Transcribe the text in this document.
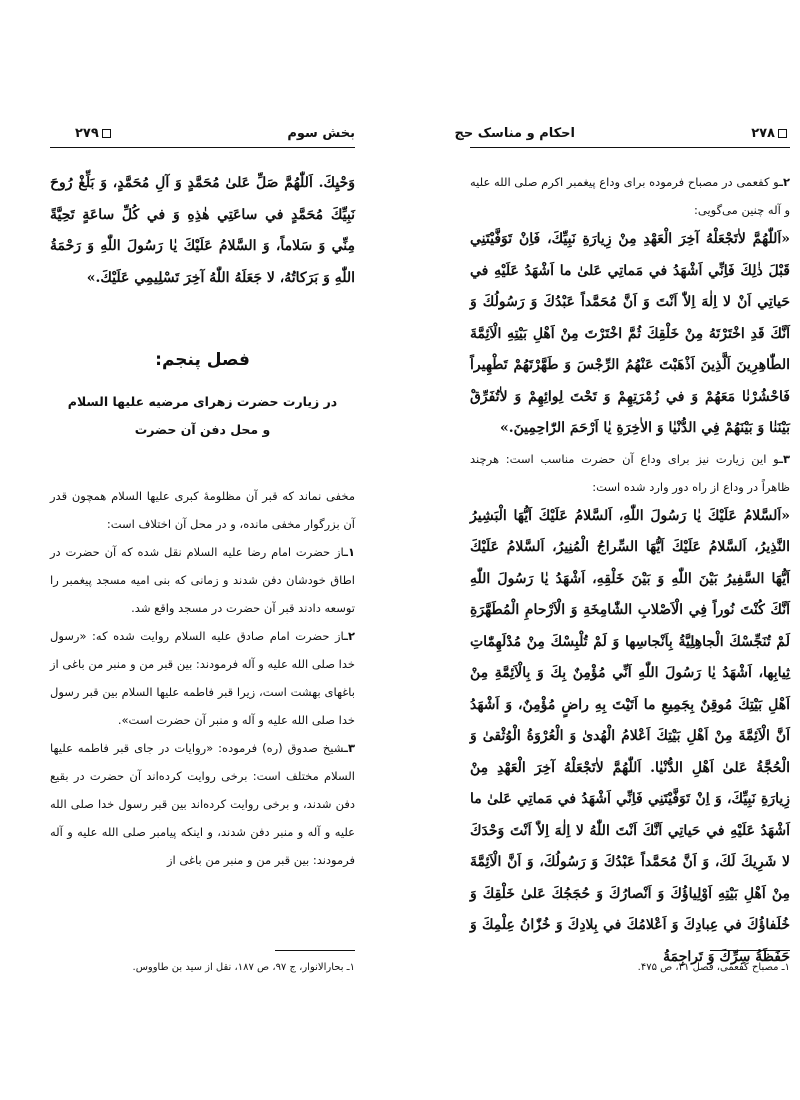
۲۷۸
احکام و مناسک حج

۲ـو کفعمی در مصباح فرموده برای وداع پیغمبر اکرم صلی الله علیه و آله چنین می‌گویی:

«اَللّٰهُمَّ لاٰتَجْعَلْهُ آخِرَ الْعَهْدِ مِنْ زِيارَةِ نَبِيِّكَ، فَاِنْ تَوَفَّيْتَنِي قَبْلَ ذٰلِكَ فَاِنِّي اَشْهَدُ في مَماتِي عَلىٰ ما اَشْهَدُ عَلَيْهِ في حَياتِي اَنْ لا اِلٰهَ اِلاّٰ اَنْتَ وَ اَنَّ مُحَمَّداً عَبْدُكَ وَ رَسُولُكَ وَ اَنَّكَ قَدِ اخْتَرْتَهُ مِنْ خَلْقِكَ ثُمَّ اخْتَرْتَ مِنْ اَهْلِ بَيْتِهِ الْاَئِمَّةَ الطّٰاهِرِينَ اَلَّذِينَ اَذْهَبْتَ عَنْهُمُ الرِّجْسَ وَ طَهَّرْتَهُمْ تَطْهِيراً فَاحْشُرْنٰا مَعَهُمْ وَ في زُمْرَتِهِمْ وَ تَحْتَ لِوائِهِمْ وَ لاٰتُفَرِّقْ بَيْنَنٰا وَ بَيْنَهُمْ فِي الدُّنْيٰا وَ الاٰخِرَةِ يٰا اَرْحَمَ الرّٰاحِمِينَ.»

۳ـو این زیارت نیز برای وداع آن حضرت مناسب است: هرچند ظاهراً در وداع از راه دور وارد شده است:

«اَلسَّلامُ عَلَيْكَ يٰا رَسُولَ اللّٰهِ، اَلسَّلامُ عَلَيْكَ اَيُّهَا الْبَشِيرُ النَّذِيرُ، اَلسَّلامُ عَلَيْكَ اَيُّهَا السِّراجُ الْمُنِيرُ، اَلسَّلامُ عَلَيْكَ اَيُّهَا السَّفِيرُ بَيْنَ اللّٰهِ وَ بَيْنَ خَلْقِهِ، اَشْهَدُ يٰا رَسُولَ اللّٰهِ اَنَّكَ كُنْتَ نُوراً فِي الْاَصْلابِ الشّٰامِخَةِ وَ الْاَرْحامِ الْمُطَهَّرَةِ لَمْ تُنَجِّسْكَ الْجاهِلِيَّةُ بِاَنْجاسِها وَ لَمْ تُلْبِسْكَ مِنْ مُدْلَهِمّٰاتِ ثِيابِها، اَشْهَدُ يٰا رَسُولَ اللّٰهِ اَنِّي مُؤْمِنٌ بِكَ وَ بِالْاَئِمَّةِ مِنْ اَهْلِ بَيْتِكَ مُوقِنٌ بِجَمِيعِ ما اَتَيْتَ بِهِ راضٍ مُؤْمِنٌ، وَ اَشْهَدُ اَنَّ الْاَئِمَّةَ مِنْ اَهْلِ بَيْتِكَ اَعْلامُ الْهُدىٰ وَ الْعُرْوَةُ الْوُثْقىٰ وَ الْحُجَّةُ عَلىٰ اَهْلِ الدُّنْيٰا. اَللّٰهُمَّ لاٰتَجْعَلْهُ آخِرَ الْعَهْدِ مِنْ زِيارَةِ نَبِيِّكَ، وَ اِنْ تَوَفَّيْتَنِي فَاِنِّي اَشْهَدُ في مَماتِي عَلىٰ ما اَشْهَدُ عَلَيْهِ في حَياتِي اَنَّكَ اَنْتَ اللّٰهُ لا اِلٰهَ اِلاّٰ اَنْتَ وَحْدَكَ لا شَرِيكَ لَكَ، وَ اَنَّ مُحَمَّداً عَبْدُكَ وَ رَسُولُكَ، وَ اَنَّ الْاَئِمَّةَ مِنْ اَهْلِ بَيْتِهِ اَوْلِياؤُكَ وَ اَنْصارُكَ وَ حُجَجُكَ عَلىٰ خَلْقِكَ وَ خُلَفاؤُكَ في عِبادِكَ وَ اَعْلامُكَ في بِلادِكَ وَ خُزّٰانُ عِلْمِكَ وَ حَفَظَةُ سِرِّكَ وَ تَراجِمَةُ

۱ـ مصباح کفعمی، فصل ۴۱، ص ۴۷۵.
بخش سوم
۲۷۹

وَحْيِكَ. اَللّٰهُمَّ صَلِّ عَلىٰ مُحَمَّدٍ وَ آلِ مُحَمَّدٍ، وَ بَلِّغْ رُوحَ نَبِيِّكَ مُحَمَّدٍ في ساعَتِي هٰذِهِ وَ في كُلِّ ساعَةٍ تَحِيَّةً مِنِّي وَ سَلاماً، وَ السَّلامُ عَلَيْكَ يٰا رَسُولَ اللّٰهِ وَ رَحْمَةُ اللّٰهِ وَ بَرَكاتُهُ، لا جَعَلَهُ اللّٰهُ آخِرَ تَسْلِيمِي عَلَيْكَ.»

فصل پنجم:
در زیارت حضرت زهرای مرضیه علیها السلام
و محل دفن آن حضرت

مخفی نماند که قبر آن مظلومهٔ کبری علیها السلام همچون قدر آن بزرگوار مخفی مانده، و در محل آن اختلاف است:

۱ـاز حضرت امام رضا علیه السلام نقل شده که آن حضرت در اطاق خودشان دفن شدند و زمانی که بنی امیه مسجد پیغمبر را توسعه دادند قبر آن حضرت در مسجد واقع شد.

۲ـاز حضرت امام صادق علیه السلام روایت شده که: «رسول خدا صلی الله علیه و آله فرمودند: بین قبر من و منبر من باغی از باغهای بهشت است، زیرا قبر فاطمه علیها السلام بین قبر رسول خدا صلی الله علیه و آله و منبر آن حضرت است».

۳ـشیخ صدوق (ره) فرموده: «روایات در جای قبر فاطمه علیها السلام مختلف است: برخی روایت کرده‌اند آن حضرت در بقیع دفن شدند، و برخی روایت کرده‌اند بین قبر رسول خدا صلی الله علیه و آله و منبر دفن شدند، و اینکه پیامبر صلی الله علیه و آله فرمودند: بین قبر من و منبر من باغی از

۱ـ بحارالانوار، ج ۹۷، ص ۱۸۷، نقل از سید بن طاووس.
